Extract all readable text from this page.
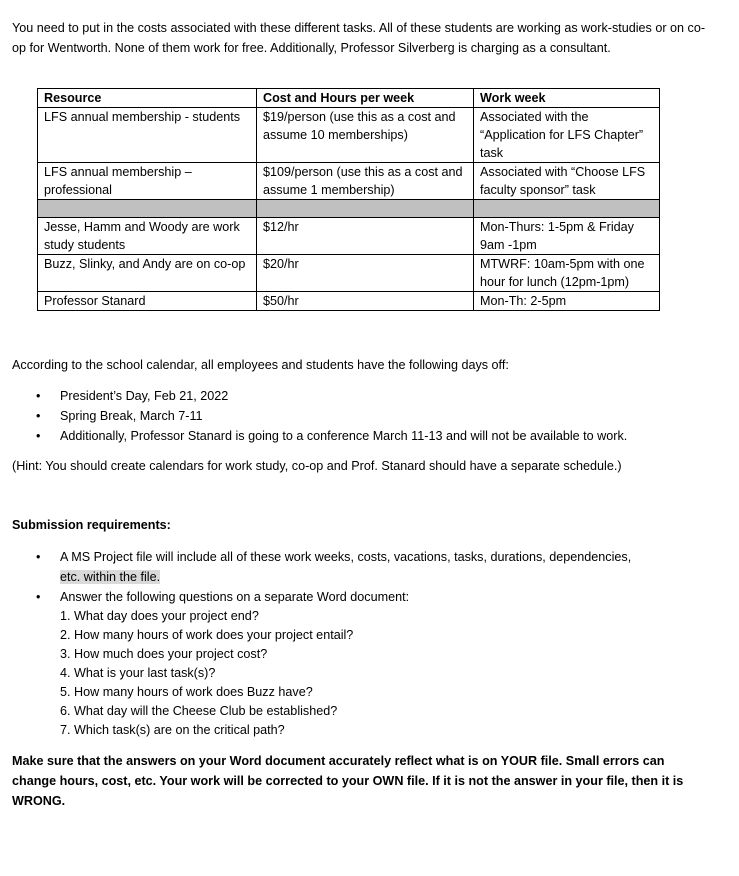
You need to put in the costs associated with these different tasks. All of these students are working as work-studies or on co-op for Wentworth. None of them work for free. Additionally, Professor Silverberg is charging as a consultant.
Resource	Cost and Hours per week	Work week
LFS annual membership - students	$19/person (use this as a cost and assume 10 memberships)	Associated with the “Application for LFS Chapter” task
LFS annual membership – professional	$109/person (use this as a cost and assume 1 membership)	Associated with “Choose LFS faculty sponsor” task

Jesse, Hamm and Woody are work study students	$12/hr	Mon-Thurs: 1-5pm & Friday 9am -1pm
Buzz, Slinky, and Andy are on co-op	$20/hr	MTWRF: 10am-5pm with one hour for lunch (12pm-1pm)
Professor Stanard	$50/hr	Mon-Th: 2-5pm
According to the school calendar, all employees and students have the following days off:
• President’s Day, Feb 21, 2022
• Spring Break, March 7-11
• Additionally, Professor Stanard is going to a conference March 11-13 and will not be available to work.
(Hint: You should create calendars for work study, co-op and Prof. Stanard should have a separate schedule.)
Submission requirements:
• A MS Project file will include all of these work weeks, costs, vacations, tasks, durations, dependencies,
etc. within the file.
• Answer the following questions on a separate Word document:
1. What day does your project end?
2. How many hours of work does your project entail?
3. How much does your project cost?
4. What is your last task(s)?
5. How many hours of work does Buzz have?
6. What day will the Cheese Club be established?
7. Which task(s) are on the critical path?
Make sure that the answers on your Word document accurately reflect what is on YOUR file. Small errors can change hours, cost, etc. Your work will be corrected to your OWN file. If it is not the answer in your file, then it is WRONG.
